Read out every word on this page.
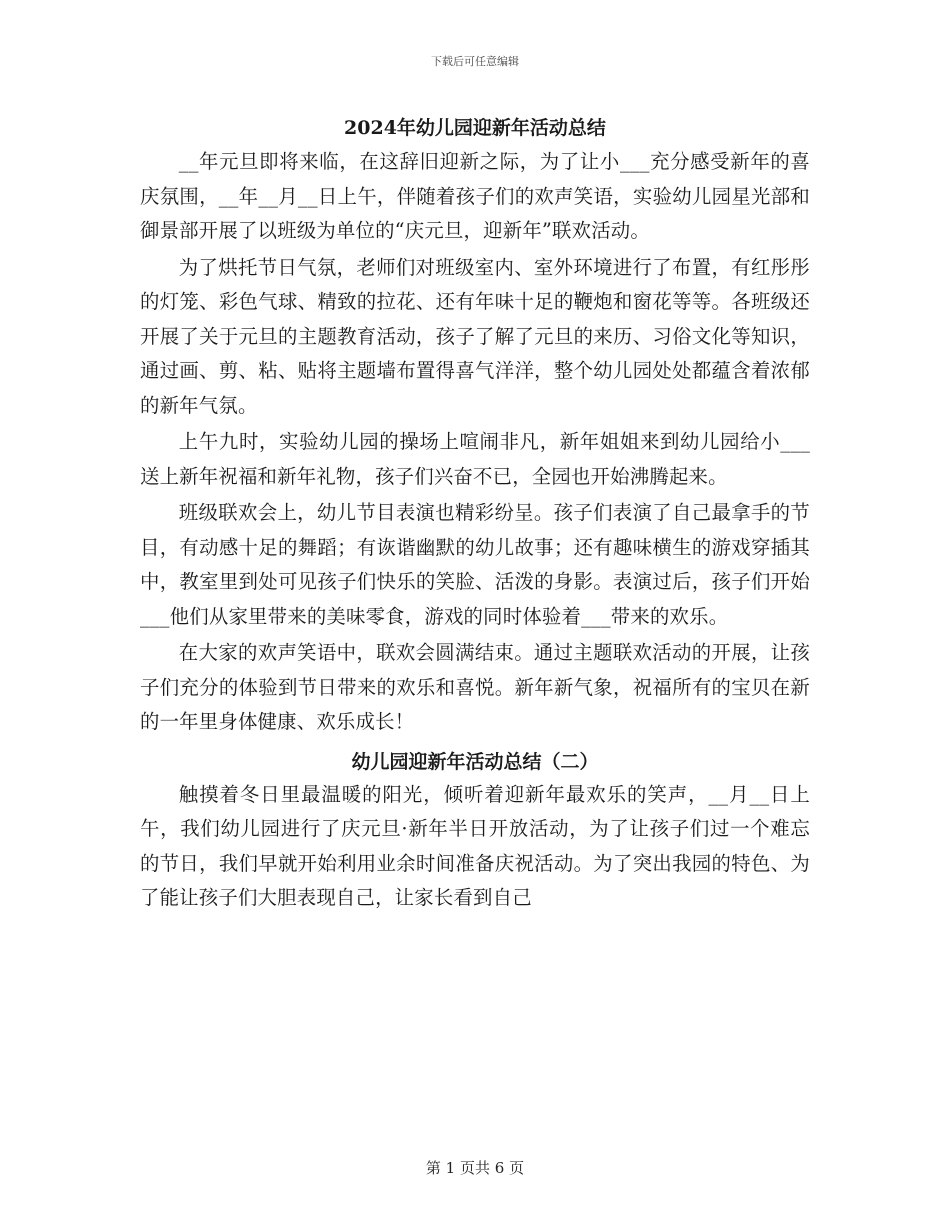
下载后可任意编辑
2024年幼儿园迎新年活动总结

__年元旦即将来临，在这辞旧迎新之际，为了让小___充分感受新年的喜庆氛围，__年__月__日上午，伴随着孩子们的欢声笑语，实验幼儿园星光部和御景部开展了以班级为单位的“庆元旦，迎新年”联欢活动。

为了烘托节日气氛，老师们对班级室内、室外环境进行了布置，有红彤彤的灯笼、彩色气球、精致的拉花、还有年味十足的鞭炮和窗花等等。各班级还开展了关于元旦的主题教育活动，孩子了解了元旦的来历、习俗文化等知识，通过画、剪、粘、贴将主题墙布置得喜气洋洋，整个幼儿园处处都蕴含着浓郁的新年气氛。

上午九时，实验幼儿园的操场上喧闹非凡，新年姐姐来到幼儿园给小___送上新年祝福和新年礼物，孩子们兴奋不已，全园也开始沸腾起来。

班级联欢会上，幼儿节目表演也精彩纷呈。孩子们表演了自己最拿手的节目，有动感十足的舞蹈；有诙谐幽默的幼儿故事；还有趣味横生的游戏穿插其中，教室里到处可见孩子们快乐的笑脸、活泼的身影。表演过后，孩子们开始___他们从家里带来的美味零食，游戏的同时体验着___带来的欢乐。

在大家的欢声笑语中，联欢会圆满结束。通过主题联欢活动的开展，让孩子们充分的体验到节日带来的欢乐和喜悦。新年新气象，祝福所有的宝贝在新的一年里身体健康、欢乐成长！

幼儿园迎新年活动总结（二）

触摸着冬日里最温暖的阳光，倾听着迎新年最欢乐的笑声，__月__日上午，我们幼儿园进行了庆元旦·新年半日开放活动，为了让孩子们过一个难忘的节日，我们早就开始利用业余时间准备庆祝活动。为了突出我园的特色、为了能让孩子们大胆表现自己，让家长看到自己

第 1 页共 6 页
